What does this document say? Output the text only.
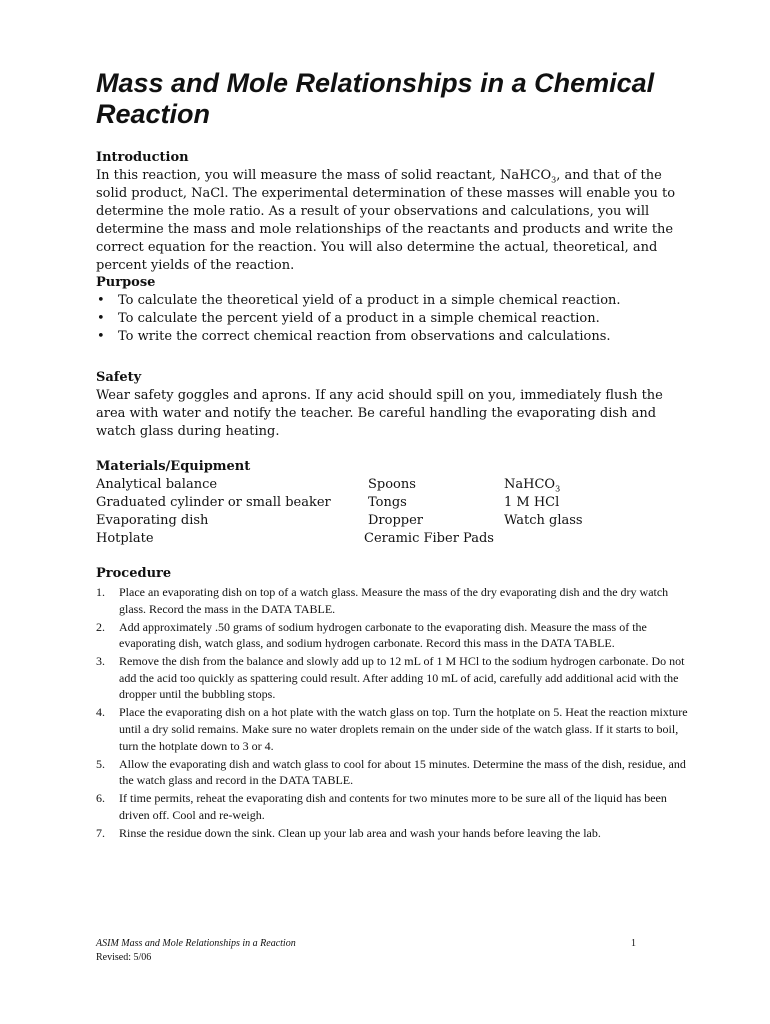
Mass and Mole Relationships in a Chemical Reaction
Introduction

In this reaction, you will measure the mass of solid reactant, NaHCO$_3$, and that of the solid product, NaCl. The experimental determination of these masses will enable you to determine the mole ratio. As a result of your observations and calculations, you will determine the mass and mole relationships of the reactants and products and write the correct equation for the reaction. You will also determine the actual, theoretical, and percent yields of the reaction.

Purpose
• To calculate the theoretical yield of a product in a simple chemical reaction.
• To calculate the percent yield of a product in a simple chemical reaction.
• To write the correct chemical reaction from observations and calculations.
Safety

Wear safety goggles and aprons. If any acid should spill on you, immediately flush the area with water and notify the teacher. Be careful handling the evaporating dish and watch glass during heating.

Materials/Equipment
Analytical balance	Spoons	NaHCO$_3$
Graduated cylinder or small beaker	Tongs	1 M HCl
Evaporating dish	Dropper	Watch glass
Hotplate	Ceramic Fiber Pads
Procedure
1. Place an evaporating dish on top of a watch glass. Measure the mass of the dry evaporating dish and the dry watch glass. Record the mass in the DATA TABLE.
2. Add approximately .50 grams of sodium hydrogen carbonate to the evaporating dish. Measure the mass of the evaporating dish, watch glass, and sodium hydrogen carbonate. Record this mass in the DATA TABLE.
3. Remove the dish from the balance and slowly add up to 12 mL of 1 M HCl to the sodium hydrogen carbonate. Do not add the acid too quickly as spattering could result. After adding 10 mL of acid, carefully add additional acid with the dropper until the bubbling stops.
4. Place the evaporating dish on a hot plate with the watch glass on top. Turn the hotplate on 5. Heat the reaction mixture until a dry solid remains. Make sure no water droplets remain on the under side of the watch glass. If it starts to boil, turn the hotplate down to 3 or 4.
5. Allow the evaporating dish and watch glass to cool for about 15 minutes. Determine the mass of the dish, residue, and the watch glass and record in the DATA TABLE.
6. If time permits, reheat the evaporating dish and contents for two minutes more to be sure all of the liquid has been driven off. Cool and re-weigh.
7. Rinse the residue down the sink. Clean up your lab area and wash your hands before leaving the lab.
ASIM Mass and Mole Relationships in a Reaction
Revised: 5/06
1
